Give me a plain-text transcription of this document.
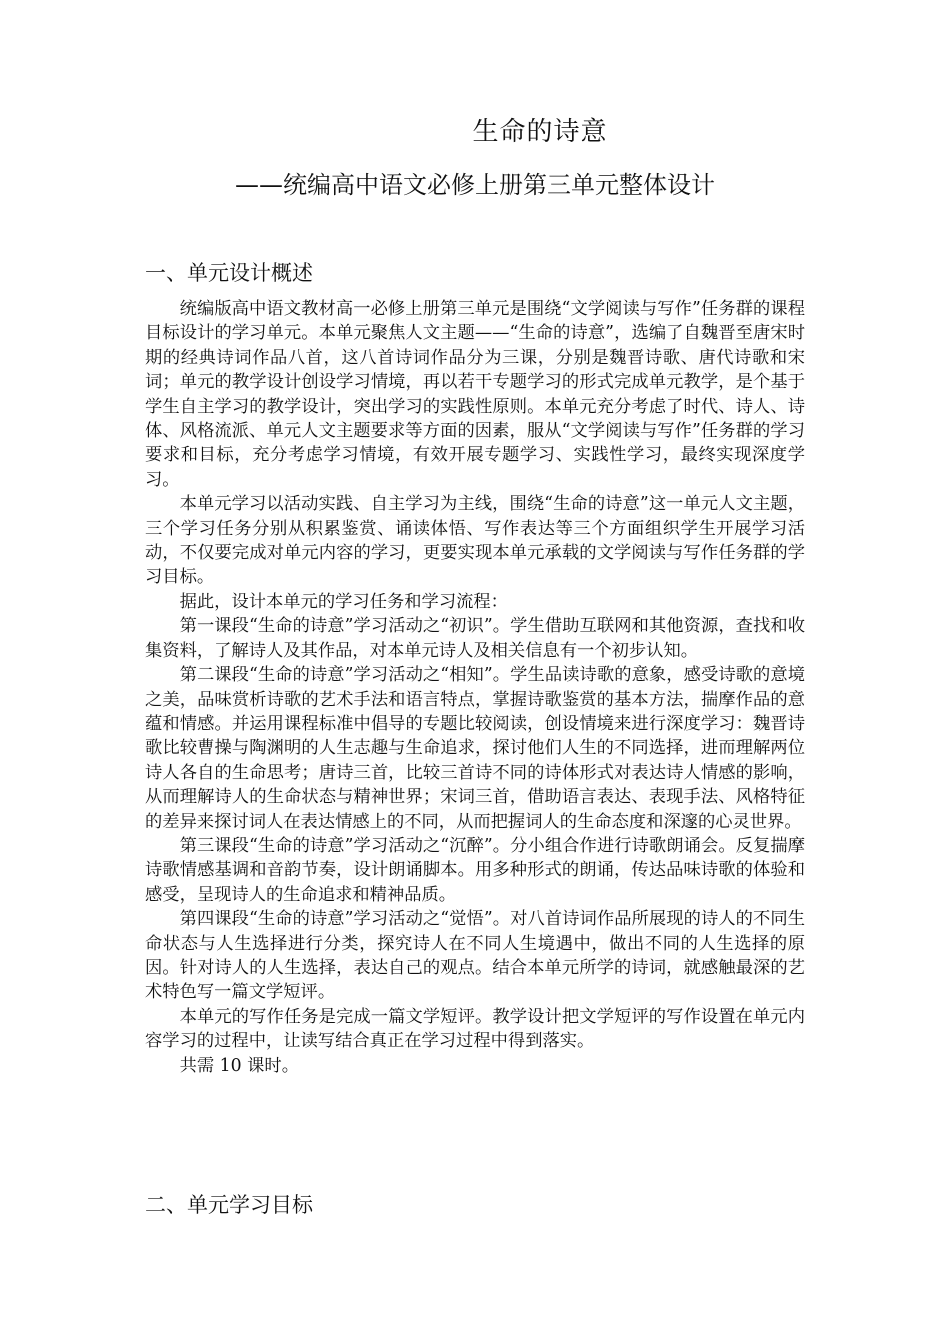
生命的诗意
——统编高中语文必修上册第三单元整体设计
一、单元设计概述

统编版高中语文教材高一必修上册第三单元是围绕“文学阅读与写作”任务群的课程目标设计的学习单元。本单元聚焦人文主题——“生命的诗意”，选编了自魏晋至唐宋时期的经典诗词作品八首，这八首诗词作品分为三课，分别是魏晋诗歌、唐代诗歌和宋词；单元的教学设计创设学习情境，再以若干专题学习的形式完成单元教学，是个基于学生自主学习的教学设计，突出学习的实践性原则。本单元充分考虑了时代、诗人、诗体、风格流派、单元人文主题要求等方面的因素，服从“文学阅读与写作”任务群的学习要求和目标，充分考虑学习情境，有效开展专题学习、实践性学习，最终实现深度学习。

本单元学习以活动实践、自主学习为主线，围绕“生命的诗意”这一单元人文主题，三个学习任务分别从积累鉴赏、诵读体悟、写作表达等三个方面组织学生开展学习活动，不仅要完成对单元内容的学习，更要实现本单元承载的文学阅读与写作任务群的学习目标。

据此，设计本单元的学习任务和学习流程：

第一课段“生命的诗意”学习活动之“初识”。学生借助互联网和其他资源，查找和收集资料，了解诗人及其作品，对本单元诗人及相关信息有一个初步认知。

第二课段“生命的诗意”学习活动之“相知”。学生品读诗歌的意象，感受诗歌的意境之美，品味赏析诗歌的艺术手法和语言特点，掌握诗歌鉴赏的基本方法，揣摩作品的意蕴和情感。并运用课程标准中倡导的专题比较阅读，创设情境来进行深度学习：魏晋诗歌比较曹操与陶渊明的人生志趣与生命追求，探讨他们人生的不同选择，进而理解两位诗人各自的生命思考；唐诗三首，比较三首诗不同的诗体形式对表达诗人情感的影响，从而理解诗人的生命状态与精神世界；宋词三首，借助语言表达、表现手法、风格特征的差异来探讨词人在表达情感上的不同，从而把握词人的生命态度和深邃的心灵世界。

第三课段“生命的诗意”学习活动之“沉醉”。分小组合作进行诗歌朗诵会。反复揣摩诗歌情感基调和音韵节奏，设计朗诵脚本。用多种形式的朗诵，传达品味诗歌的体验和感受，呈现诗人的生命追求和精神品质。

第四课段“生命的诗意”学习活动之“觉悟”。对八首诗词作品所展现的诗人的不同生命状态与人生选择进行分类，探究诗人在不同人生境遇中，做出不同的人生选择的原因。针对诗人的人生选择，表达自己的观点。结合本单元所学的诗词，就感触最深的艺术特色写一篇文学短评。

本单元的写作任务是完成一篇文学短评。教学设计把文学短评的写作设置在单元内容学习的过程中，让读写结合真正在学习过程中得到落实。

共需 10 课时。

二、单元学习目标
